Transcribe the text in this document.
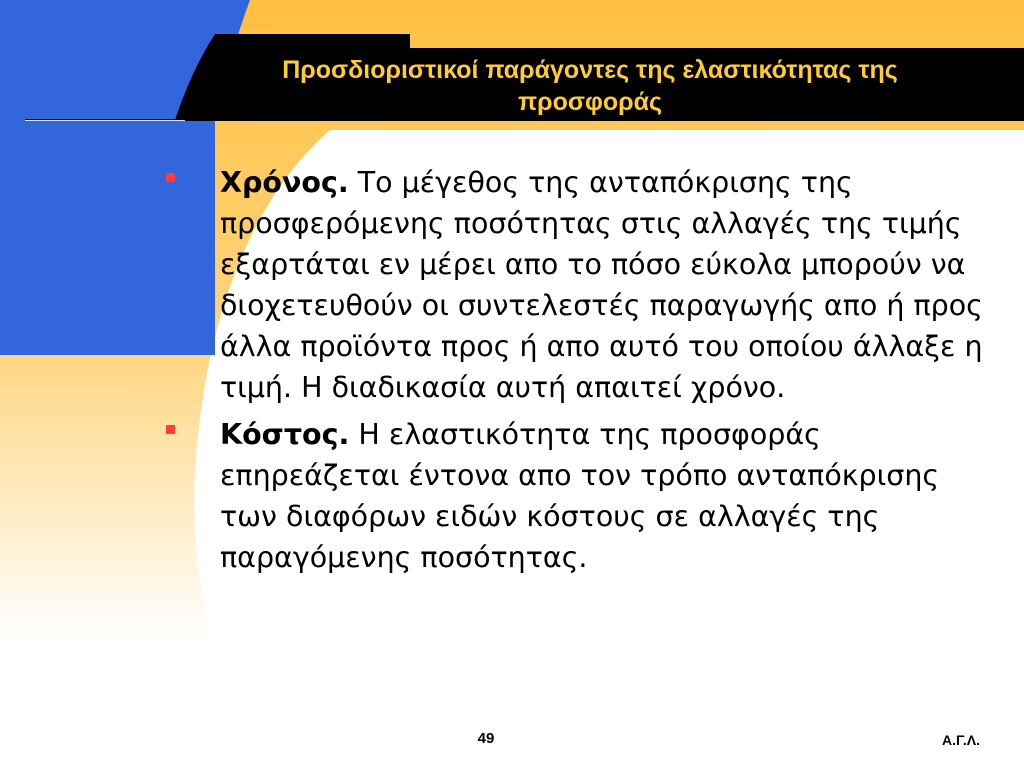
Προσδιοριστικοί παράγοντες της ελαστικότητας της προσφοράς

Χρόνος. Το μέγεθος της ανταπόκρισης της προσφερόμενης ποσότητας στις αλλαγές της τιμής εξαρτάται εν μέρει απο το πόσο εύκολα μπορούν να διοχετευθούν οι συντελεστές παραγωγής απο ή προς άλλα προϊόντα προς ή απο αυτό του οποίου άλλαξε η τιμή. Η διαδικασία αυτή απαιτεί χρόνο.

Κόστος. Η ελαστικότητα της προσφοράς επηρεάζεται έντονα απο τον τρόπο ανταπόκρισης των διαφόρων ειδών κόστους σε αλλαγές της παραγόμενης ποσότητας.

49	Α.Γ.Λ.
